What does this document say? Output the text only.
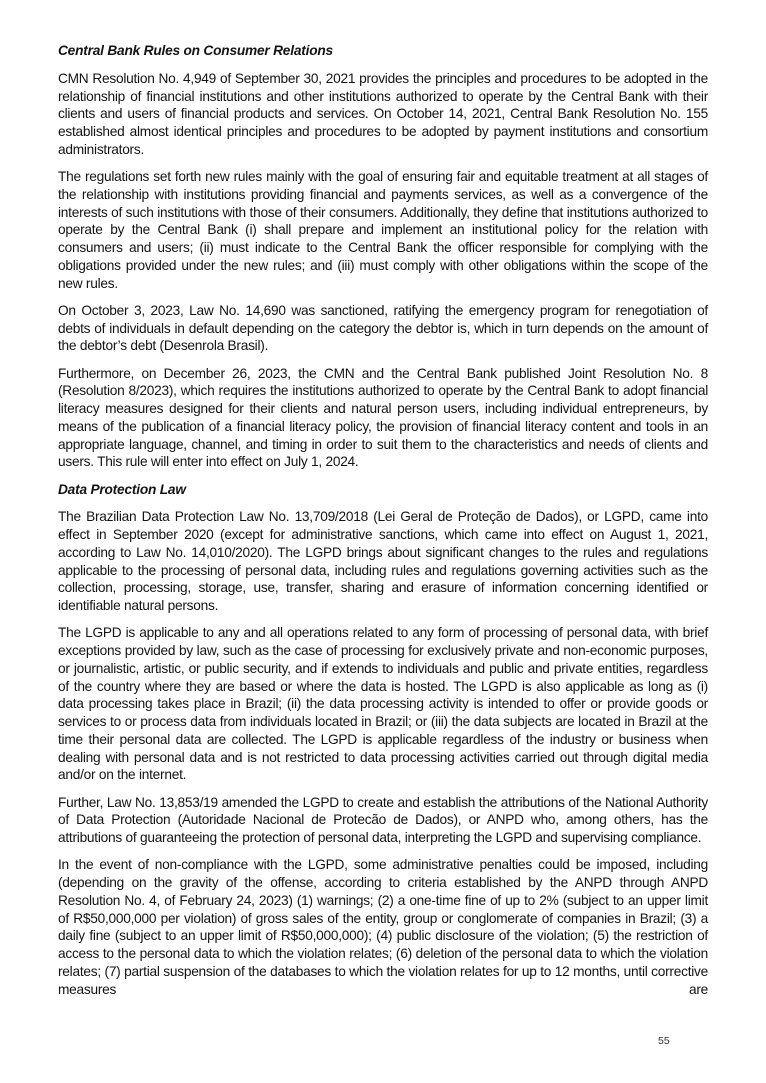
Central Bank Rules on Consumer Relations

CMN Resolution No. 4,949 of September 30, 2021 provides the principles and procedures to be adopted in the relationship of financial institutions and other institutions authorized to operate by the Central Bank with their clients and users of financial products and services. On October 14, 2021, Central Bank Resolution No. 155 established almost identical principles and procedures to be adopted by payment institutions and consortium administrators.

The regulations set forth new rules mainly with the goal of ensuring fair and equitable treatment at all stages of the relationship with institutions providing financial and payments services, as well as a convergence of the interests of such institutions with those of their consumers. Additionally, they define that institutions authorized to operate by the Central Bank (i) shall prepare and implement an institutional policy for the relation with consumers and users; (ii) must indicate to the Central Bank the officer responsible for complying with the obligations provided under the new rules; and (iii) must comply with other obligations within the scope of the new rules.

On October 3, 2023, Law No. 14,690 was sanctioned, ratifying the emergency program for renegotiation of debts of individuals in default depending on the category the debtor is, which in turn depends on the amount of the debtor’s debt (Desenrola Brasil).

Furthermore, on December 26, 2023, the CMN and the Central Bank published Joint Resolution No. 8 (Resolution 8/2023), which requires the institutions authorized to operate by the Central Bank to adopt financial literacy measures designed for their clients and natural person users, including individual entrepreneurs, by means of the publication of a financial literacy policy, the provision of financial literacy content and tools in an appropriate language, channel, and timing in order to suit them to the characteristics and needs of clients and users. This rule will enter into effect on July 1, 2024.

Data Protection Law

The Brazilian Data Protection Law No. 13,709/2018 (Lei Geral de Proteção de Dados), or LGPD, came into effect in September 2020 (except for administrative sanctions, which came into effect on August 1, 2021, according to Law No. 14,010/2020). The LGPD brings about significant changes to the rules and regulations applicable to the processing of personal data, including rules and regulations governing activities such as the collection, processing, storage, use, transfer, sharing and erasure of information concerning identified or identifiable natural persons.

The LGPD is applicable to any and all operations related to any form of processing of personal data, with brief exceptions provided by law, such as the case of processing for exclusively private and non-economic purposes, or journalistic, artistic, or public security, and if extends to individuals and public and private entities, regardless of the country where they are based or where the data is hosted. The LGPD is also applicable as long as (i) data processing takes place in Brazil; (ii) the data processing activity is intended to offer or provide goods or services to or process data from individuals located in Brazil; or (iii) the data subjects are located in Brazil at the time their personal data are collected. The LGPD is applicable regardless of the industry or business when dealing with personal data and is not restricted to data processing activities carried out through digital media and/or on the internet.

Further, Law No. 13,853/19 amended the LGPD to create and establish the attributions of the National Authority of Data Protection (Autoridade Nacional de Protecão de Dados), or ANPD who, among others, has the attributions of guaranteeing the protection of personal data, interpreting the LGPD and supervising compliance.

In the event of non-compliance with the LGPD, some administrative penalties could be imposed, including (depending on the gravity of the offense, according to criteria established by the ANPD through ANPD Resolution No. 4, of February 24, 2023) (1) warnings; (2) a one-time fine of up to 2% (subject to an upper limit of R$50,000,000 per violation) of gross sales of the entity, group or conglomerate of companies in Brazil; (3) a daily fine (subject to an upper limit of R$50,000,000); (4) public disclosure of the violation; (5) the restriction of access to the personal data to which the violation relates; (6) deletion of the personal data to which the violation relates; (7) partial suspension of the databases to which the violation relates for up to 12 months, until corrective measures are

55
